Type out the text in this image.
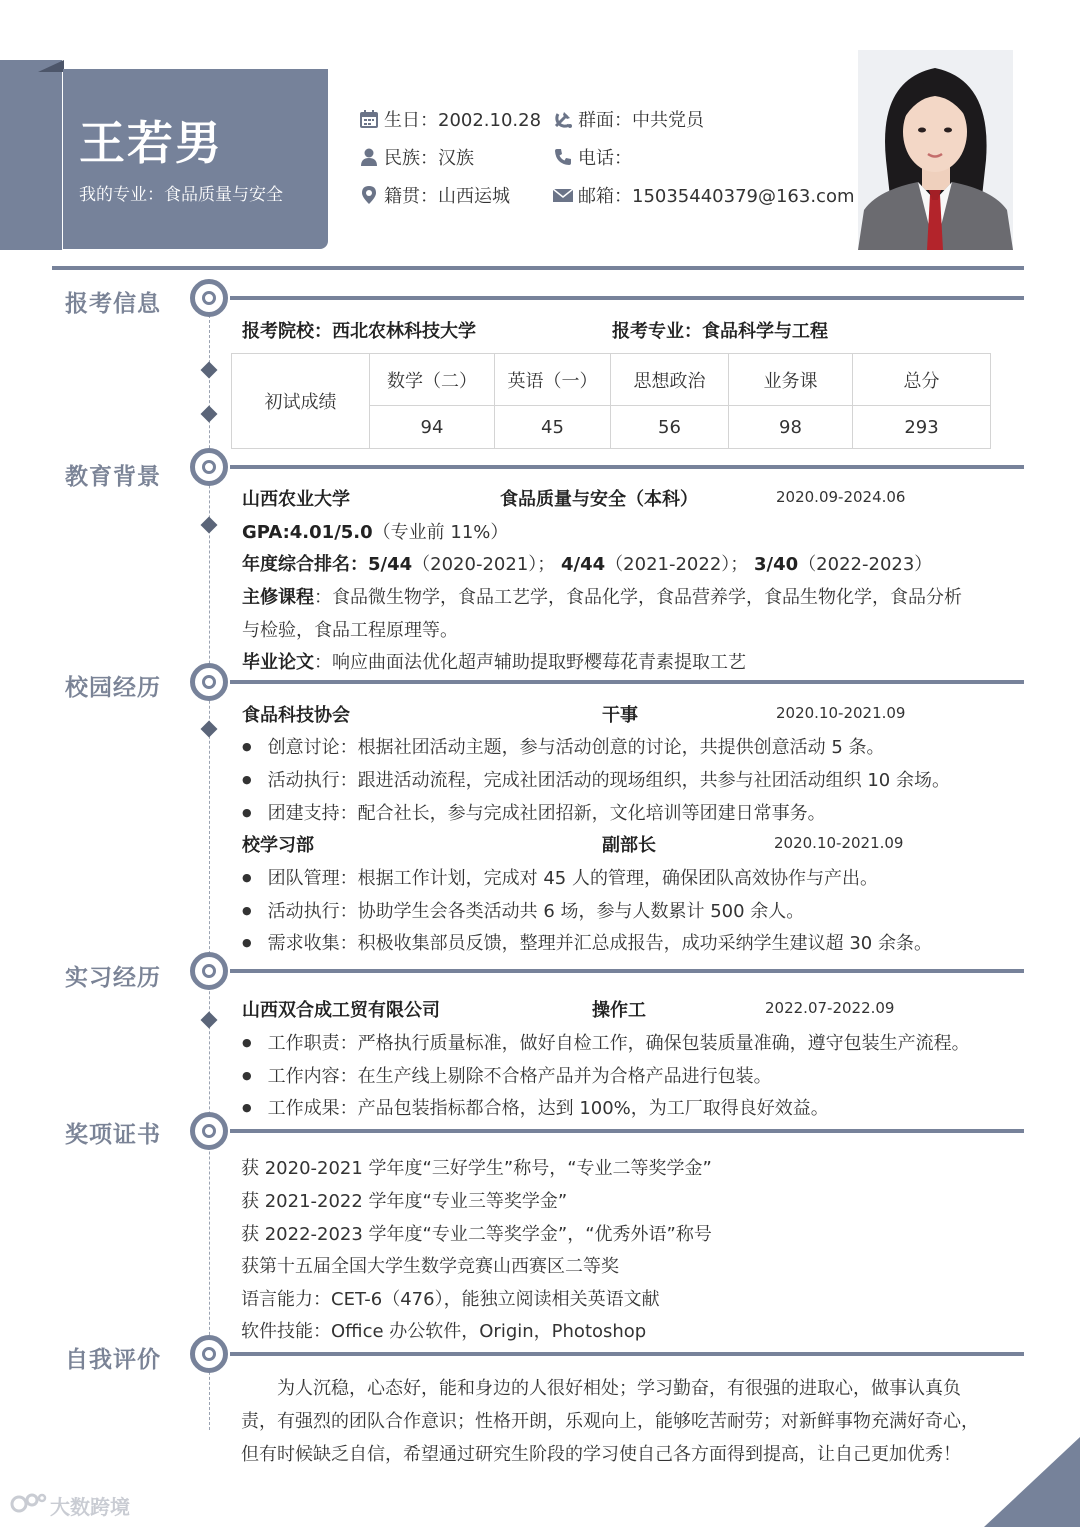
王若男
我的专业：食品质量与安全
生日：2002.10.28 群面：中共党员
民族：汉族	电话：
籍贯：山西运城	邮箱：15035440379@163.com
报考信息
报考院校：西北农林科技大学	报考专业：食品科学与工程
初试成绩	数学（二）	英语（一）	思想政治	业务课	总分
	94	45	56	98	293
教育背景
山西农业大学	食品质量与安全（本科）	2020.09-2024.06
GPA:4.01/5.0（专业前 11%）
年度综合排名：5/44（2020-2021）； 4/44（2021-2022）； 3/40（2022-2023）
主修课程：食品微生物学，食品工艺学，食品化学，食品营养学，食品生物化学，食品分析
与检验，食品工程原理等。
毕业论文：响应曲面法优化超声辅助提取野樱莓花青素提取工艺
校园经历
食品科技协会	干事	2020.10-2021.09
● 创意讨论：根据社团活动主题，参与活动创意的讨论，共提供创意活动 5 条。
● 活动执行：跟进活动流程，完成社团活动的现场组织，共参与社团活动组织 10 余场。
● 团建支持：配合社长，参与完成社团招新，文化培训等团建日常事务。
校学习部	副部长	2020.10-2021.09
● 团队管理：根据工作计划，完成对 45 人的管理，确保团队高效协作与产出。
● 活动执行：协助学生会各类活动共 6 场，参与人数累计 500 余人。
● 需求收集：积极收集部员反馈，整理并汇总成报告，成功采纳学生建议超 30 余条。
实习经历
山西双合成工贸有限公司	操作工	2022.07-2022.09
● 工作职责：严格执行质量标准，做好自检工作，确保包装质量准确，遵守包装生产流程。
● 工作内容：在生产线上剔除不合格产品并为合格产品进行包装。
● 工作成果：产品包装指标都合格，达到 100%，为工厂取得良好效益。
奖项证书
获 2020-2021 学年度“三好学生”称号，“专业二等奖学金”
获 2021-2022 学年度“专业三等奖学金”
获 2022-2023 学年度“专业二等奖学金”，“优秀外语”称号
获第十五届全国大学生数学竞赛山西赛区二等奖
语言能力：CET-6（476），能独立阅读相关英语文献
软件技能：Office 办公软件，Origin，Photoshop
自我评价
为人沉稳，心态好，能和身边的人很好相处；学习勤奋，有很强的进取心，做事认真负
责，有强烈的团队合作意识；性格开朗，乐观向上，能够吃苦耐劳；对新鲜事物充满好奇心，
但有时候缺乏自信，希望通过研究生阶段的学习使自己各方面得到提高，让自己更加优秀！
大数跨境
